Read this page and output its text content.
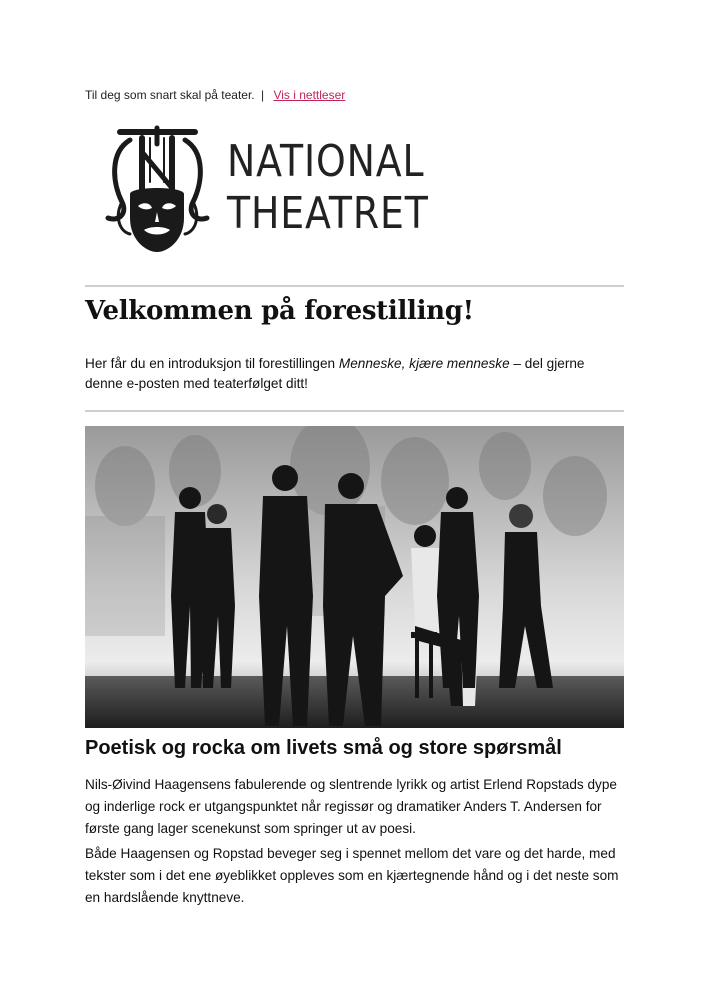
Til deg som snart skal på teater. | Vis i nettleser
NATIONAL
THEATRET
Velkommen på forestilling!

Her får du en introduksjon til forestillingen Menneske, kjære menneske – del gjerne denne e-posten med teaterfølget ditt!

Poetisk og rocka om livets små og store spørsmål

Nils-Øivind Haagensens fabulerende og slentrende lyrikk og artist Erlend Ropstads dype og inderlige rock er utgangspunktet når regissør og dramatiker Anders T. Andersen for første gang lager scenekunst som springer ut av poesi.

Både Haagensen og Ropstad beveger seg i spennet mellom det vare og det harde, med tekster som i det ene øyeblikket oppleves som en kjærtegnende hånd og i det neste som en hardslående knyttneve.
